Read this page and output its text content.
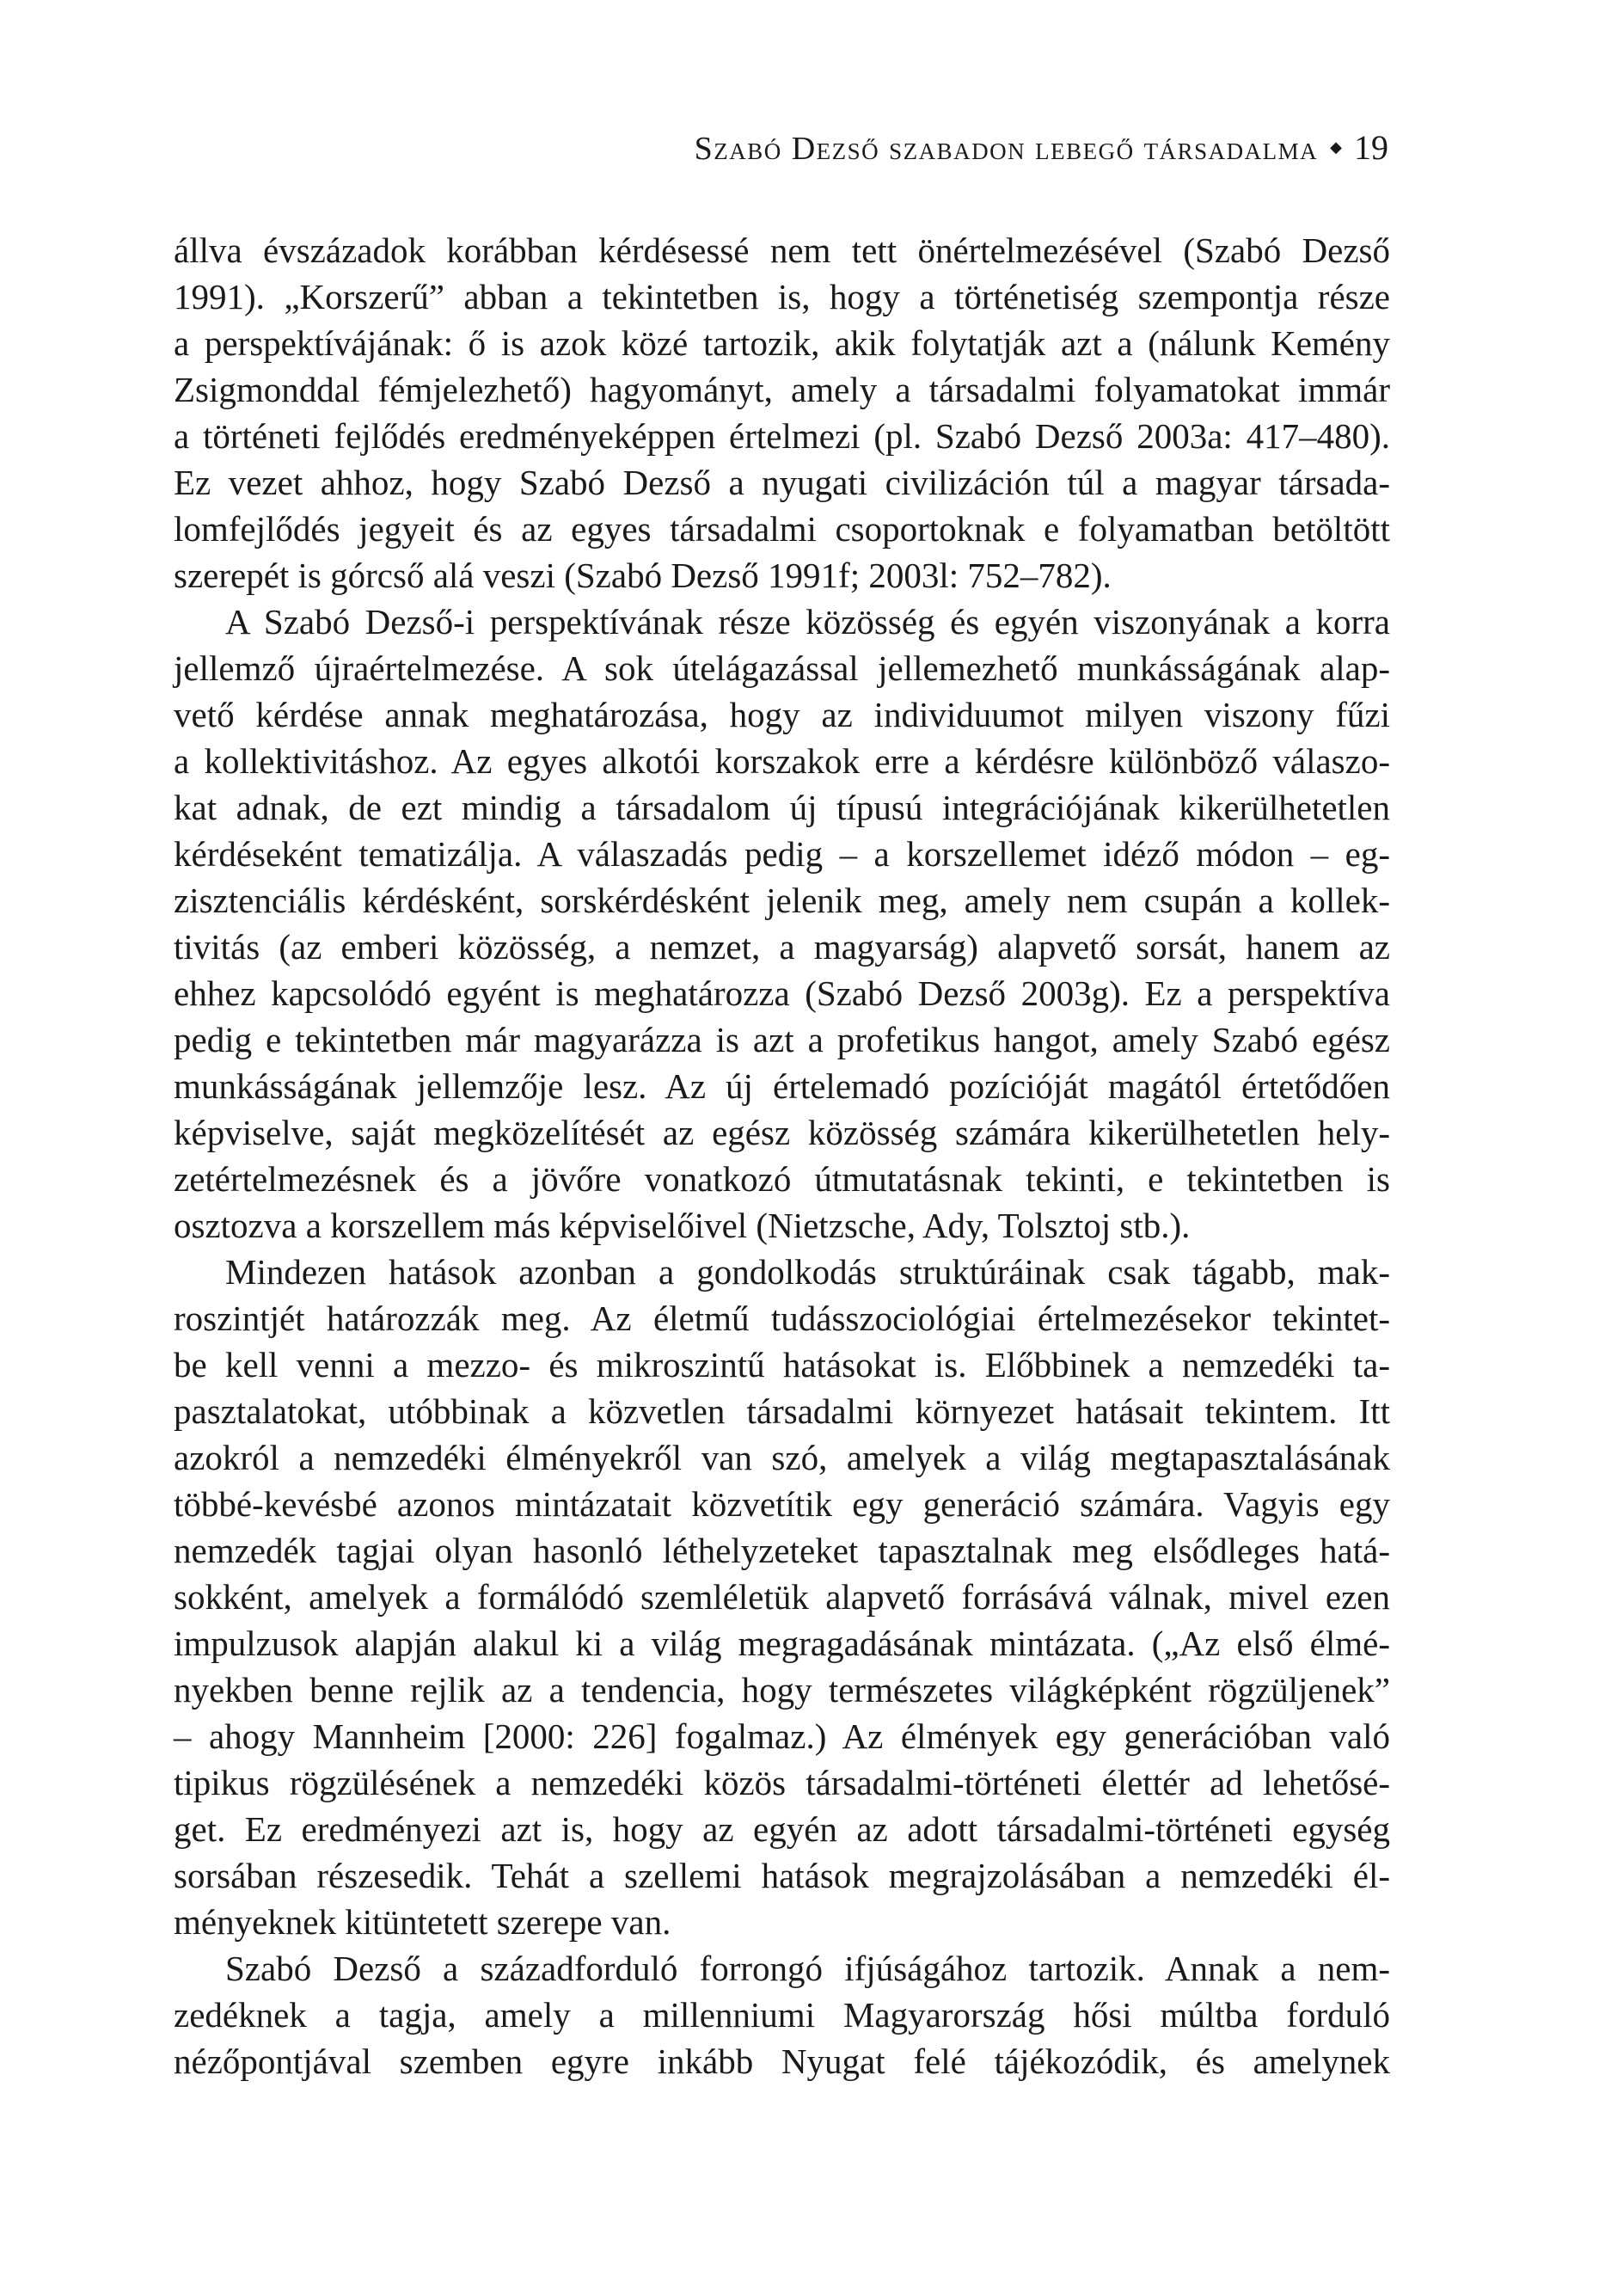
Szabó Dezső szabadon lebegő társadalma ◆ 19
állva évszázadok korábban kérdésessé nem tett önértelmezésével (Szabó Dezső
1991). „Korszerű” abban a tekintetben is, hogy a történetiség szempontja része
a perspektívájának: ő is azok közé tartozik, akik folytatják azt a (nálunk Kemény
Zsigmonddal fémjelezhető) hagyományt, amely a társadalmi folyamatokat immár
a történeti fejlődés eredményeképpen értelmezi (pl. Szabó Dezső 2003a: 417–480).
Ez vezet ahhoz, hogy Szabó Dezső a nyugati civilizáción túl a magyar társada-
lomfejlődés jegyeit és az egyes társadalmi csoportoknak e folyamatban betöltött
szerepét is górcső alá veszi (Szabó Dezső 1991f; 2003l: 752–782).
A Szabó Dezső-i perspektívának része közösség és egyén viszonyának a korra
jellemző újraértelmezése. A sok útelágazással jellemezhető munkásságának alap-
vető kérdése annak meghatározása, hogy az individuumot milyen viszony fűzi
a kollektivitáshoz. Az egyes alkotói korszakok erre a kérdésre különböző válaszo-
kat adnak, de ezt mindig a társadalom új típusú integrációjának kikerülhetetlen
kérdéseként tematizálja. A válaszadás pedig – a korszellemet idéző módon – eg-
zisztenciális kérdésként, sorskérdésként jelenik meg, amely nem csupán a kollek-
tivitás (az emberi közösség, a nemzet, a magyarság) alapvető sorsát, hanem az
ehhez kapcsolódó egyént is meghatározza (Szabó Dezső 2003g). Ez a perspektíva
pedig e tekintetben már magyarázza is azt a profetikus hangot, amely Szabó egész
munkásságának jellemzője lesz. Az új értelemadó pozícióját magától értetődően
képviselve, saját megközelítését az egész közösség számára kikerülhetetlen hely-
zetértelmezésnek és a jövőre vonatkozó útmutatásnak tekinti, e tekintetben is
osztozva a korszellem más képviselőivel (Nietzsche, Ady, Tolsztoj stb.).
Mindezen hatások azonban a gondolkodás struktúráinak csak tágabb, mak-
roszintjét határozzák meg. Az életmű tudásszociológiai értelmezésekor tekintet-
be kell venni a mezzo- és mikroszintű hatásokat is. Előbbinek a nemzedéki ta-
pasztalatokat, utóbbinak a közvetlen társadalmi környezet hatásait tekintem. Itt
azokról a nemzedéki élményekről van szó, amelyek a világ megtapasztalásának
többé-kevésbé azonos mintázatait közvetítik egy generáció számára. Vagyis egy
nemzedék tagjai olyan hasonló léthelyzeteket tapasztalnak meg elsődleges hatá-
sokként, amelyek a formálódó szemléletük alapvető forrásává válnak, mivel ezen
impulzusok alapján alakul ki a világ megragadásának mintázata. („Az első élmé-
nyekben benne rejlik az a tendencia, hogy természetes világképként rögzüljenek”
– ahogy Mannheim [2000: 226] fogalmaz.) Az élmények egy generációban való
tipikus rögzülésének a nemzedéki közös társadalmi-történeti élettér ad lehetősé-
get. Ez eredményezi azt is, hogy az egyén az adott társadalmi-történeti egység
sorsában részesedik. Tehát a szellemi hatások megrajzolásában a nemzedéki él-
ményeknek kitüntetett szerepe van.
Szabó Dezső a századforduló forrongó ifjúságához tartozik. Annak a nem-
zedéknek a tagja, amely a millenniumi Magyarország hősi múltba forduló
nézőpontjával szemben egyre inkább Nyugat felé tájékozódik, és amelynek
